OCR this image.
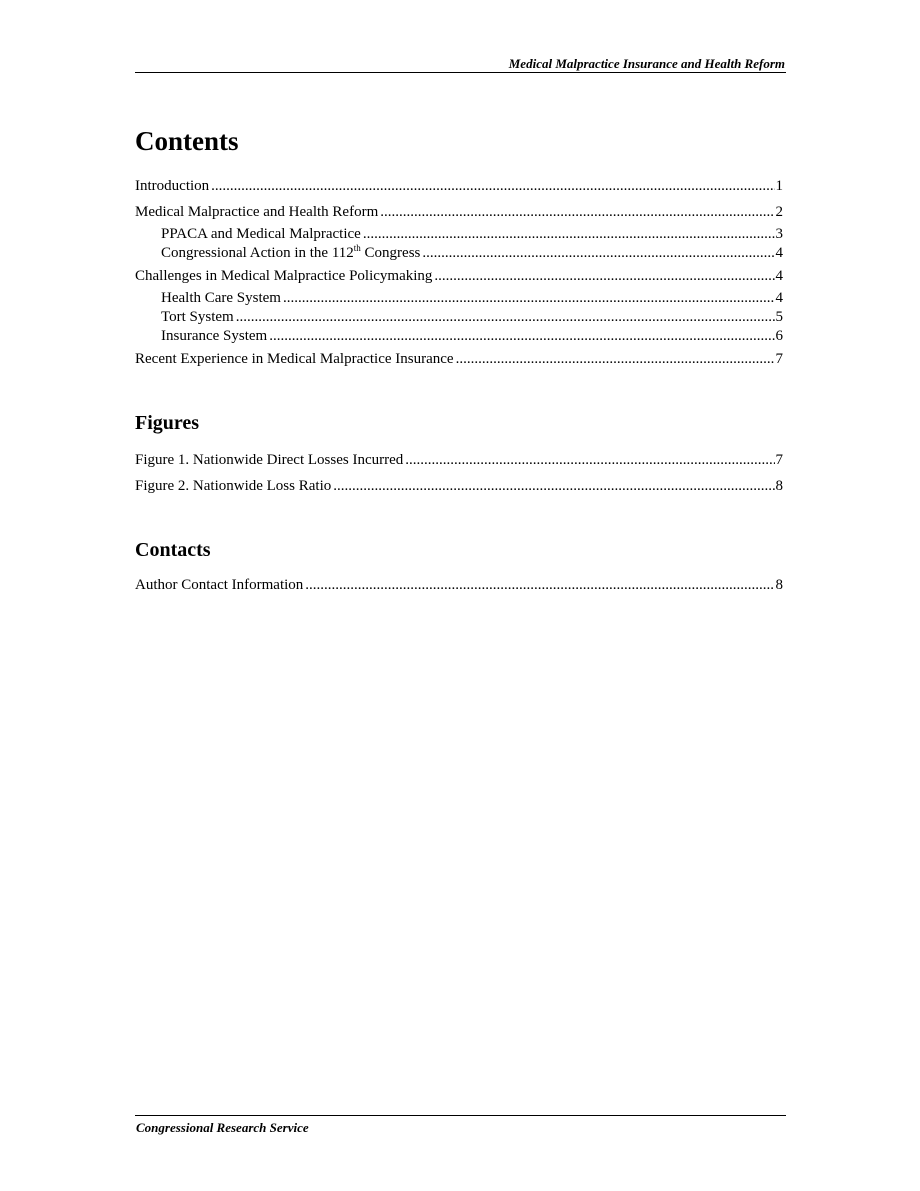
Medical Malpractice Insurance and Health Reform
Contents
Introduction .....	1
Medical Malpractice and Health Reform .....	2
PPACA and Medical Malpractice .....	3
Congressional Action in the 112th Congress .....	4
Challenges in Medical Malpractice Policymaking .....	4
Health Care System .....	4
Tort System .....	5
Insurance System .....	6
Recent Experience in Medical Malpractice Insurance .....	7
Figures
Figure 1. Nationwide Direct Losses Incurred .....	7
Figure 2. Nationwide Loss Ratio .....	8
Contacts
Author Contact Information .....	8
Congressional Research Service
